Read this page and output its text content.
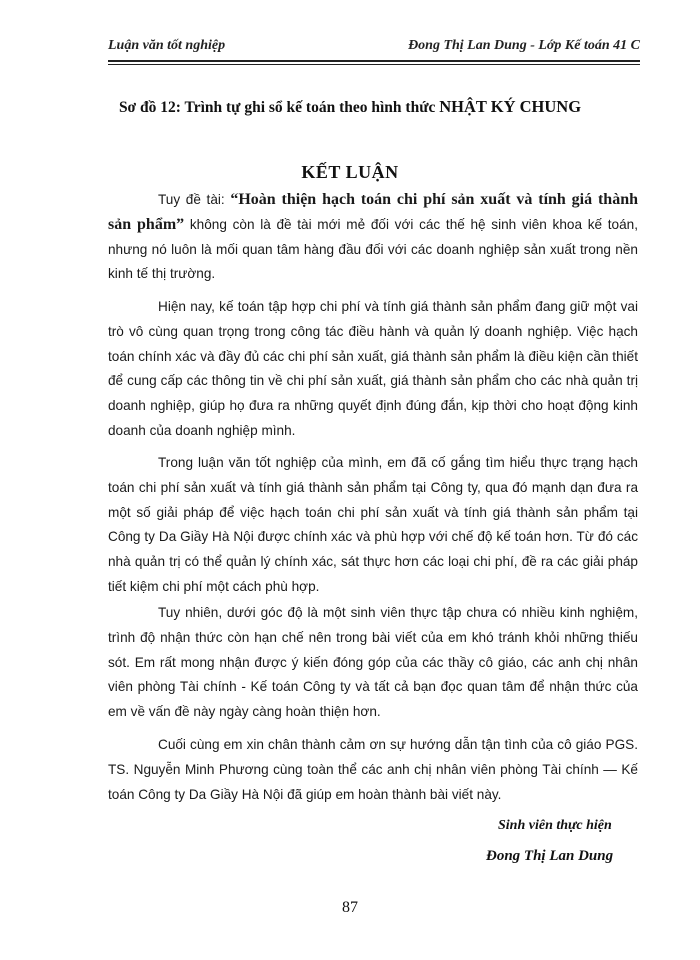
Luận văn tốt nghiệp	Đong Thị Lan Dung - Lớp Kế toán 41 C
Sơ đồ 12: Trình tự ghi sổ kế toán theo hình thức NHẬT KÝ CHUNG
KẾT LUẬN
Tuy đề tài: “Hoàn thiện hạch toán chi phí sản xuất và tính giá thành sản phẩm” không còn là đề tài mới mẻ đối với các thế hệ sinh viên khoa kế toán, nhưng nó luôn là mối quan tâm hàng đầu đối với các doanh nghiệp sản xuất trong nền kinh tế thị trường.
Hiện nay, kế toán tập hợp chi phí và tính giá thành sản phẩm đang giữ một vai trò vô cùng quan trọng trong công tác điều hành và quản lý doanh nghiệp. Việc hạch toán chính xác và đầy đủ các chi phí sản xuất, giá thành sản phẩm là điều kiện cần thiết để cung cấp các thông tin về chi phí sản xuất, giá thành sản phẩm cho các nhà quản trị doanh nghiệp, giúp họ đưa ra những quyết định đúng đắn, kịp thời cho hoạt động kinh doanh của doanh nghiệp mình.
Trong luận văn tốt nghiệp của mình, em đã cố gắng tìm hiểu thực trạng hạch toán chi phí sản xuất và tính giá thành sản phẩm tại Công ty, qua đó mạnh dạn đưa ra một số giải pháp để việc hạch toán chi phí sản xuất và tính giá thành sản phẩm tại Công ty Da Giầy Hà Nội được chính xác và phù hợp với chế độ kế toán hơn. Từ đó các nhà quản trị có thể quản lý chính xác, sát thực hơn các loại chi phí, đề ra các giải pháp tiết kiệm chi phí một cách phù hợp.
Tuy nhiên, dưới góc độ là một sinh viên thực tập chưa có nhiều kinh nghiệm, trình độ nhận thức còn hạn chế nên trong bài viết của em khó tránh khỏi những thiếu sót. Em rất mong nhận được ý kiến đóng góp của các thầy cô giáo, các anh chị nhân viên phòng Tài chính - Kế toán Công ty và tất cả bạn đọc quan tâm để nhận thức của em về vấn đề này ngày càng hoàn thiện hơn.
Cuối cùng em xin chân thành cảm ơn sự hướng dẫn tận tình của cô giáo PGS. TS. Nguyễn Minh Phương cùng toàn thể các anh chị nhân viên phòng Tài chính — Kế toán Công ty Da Giầy Hà Nội đã giúp em hoàn thành bài viết này.
Sinh viên thực hiện
Đong Thị Lan Dung
87
